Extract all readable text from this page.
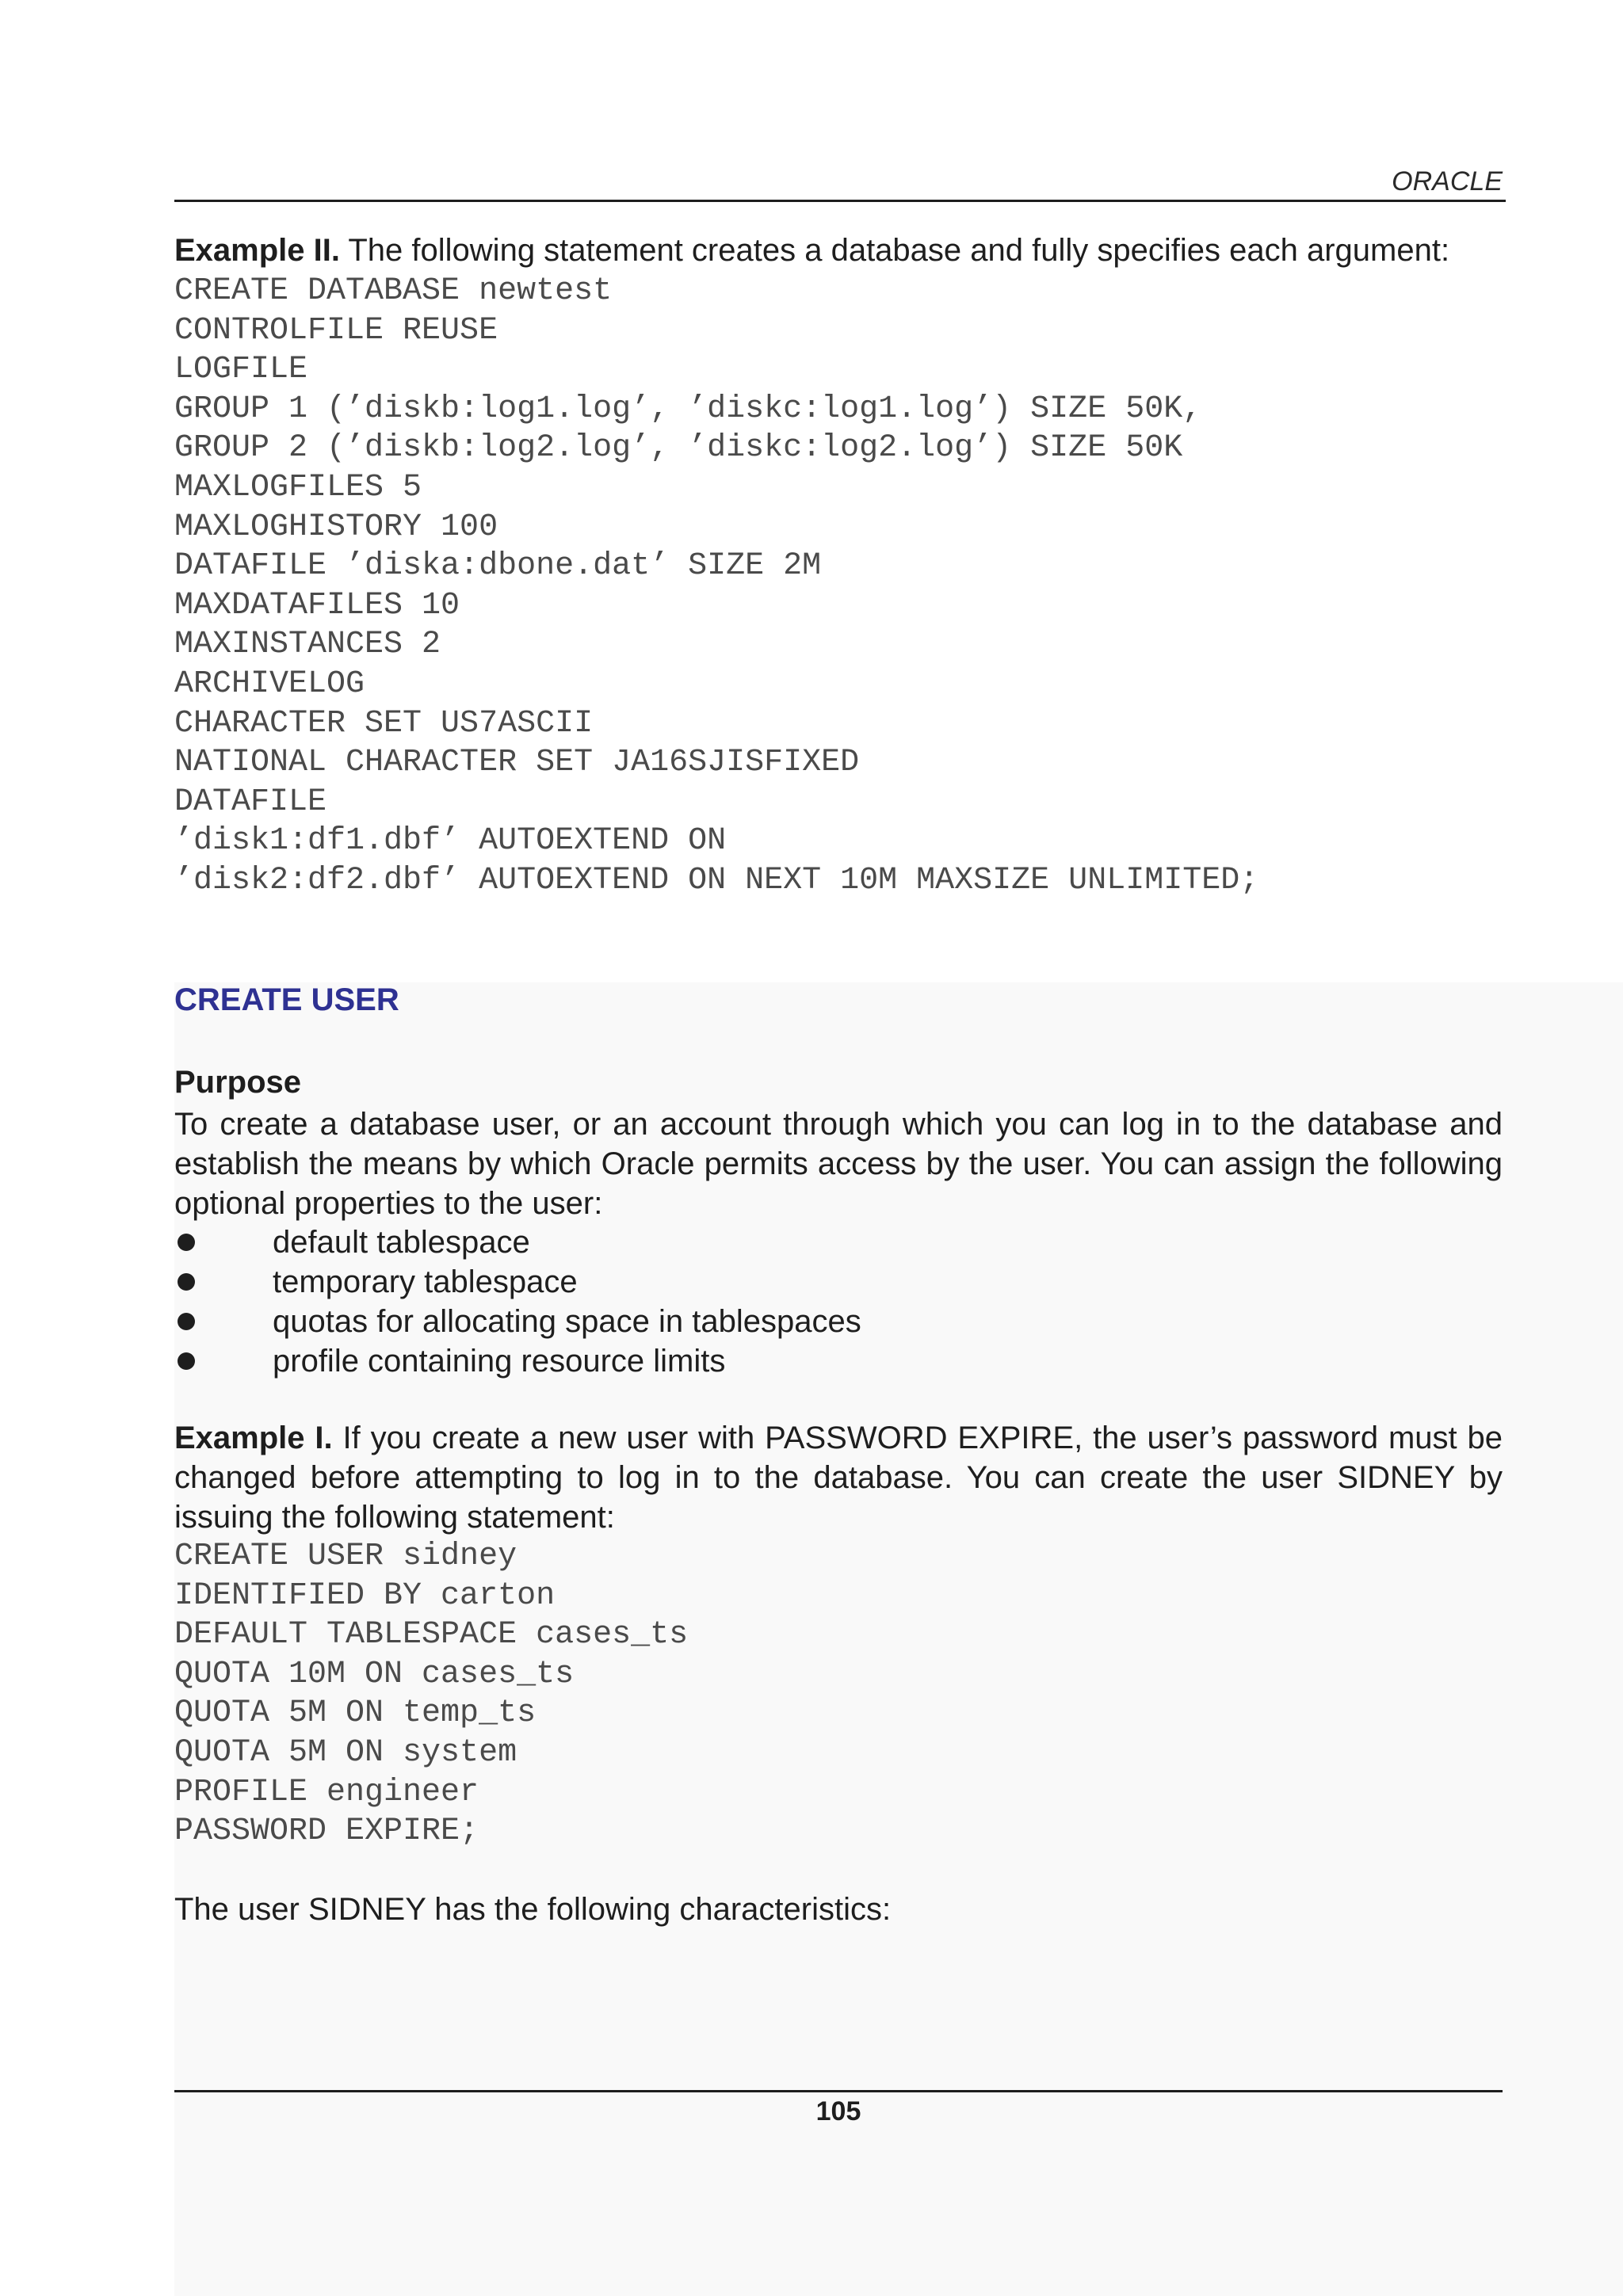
ORACLE
Example II. The following statement creates a database and fully specifies each argument:
CREATE DATABASE newtest
CONTROLFILE REUSE
LOGFILE
GROUP 1 (’diskb:log1.log’, ’diskc:log1.log’) SIZE 50K,
GROUP 2 (’diskb:log2.log’, ’diskc:log2.log’) SIZE 50K
MAXLOGFILES 5
MAXLOGHISTORY 100
DATAFILE ’diska:dbone.dat’ SIZE 2M
MAXDATAFILES 10
MAXINSTANCES 2
ARCHIVELOG
CHARACTER SET US7ASCII
NATIONAL CHARACTER SET JA16SJISFIXED
DATAFILE
’disk1:df1.dbf’ AUTOEXTEND ON
’disk2:df2.dbf’ AUTOEXTEND ON NEXT 10M MAXSIZE UNLIMITED;
CREATE USER
Purpose
To create a database user, or an account through which you can log in to the database and establish the means by which Oracle permits access by the user. You can assign the following optional properties to the user:
default tablespace
temporary tablespace
quotas for allocating space in tablespaces
profile containing resource limits
Example I. If you create a new user with PASSWORD EXPIRE, the user’s password must be changed before attempting to log in to the database. You can create the user SIDNEY by issuing the following statement:
CREATE USER sidney
IDENTIFIED BY carton
DEFAULT TABLESPACE cases_ts
QUOTA 10M ON cases_ts
QUOTA 5M ON temp_ts
QUOTA 5M ON system
PROFILE engineer
PASSWORD EXPIRE;
The user SIDNEY has the following characteristics:
105
